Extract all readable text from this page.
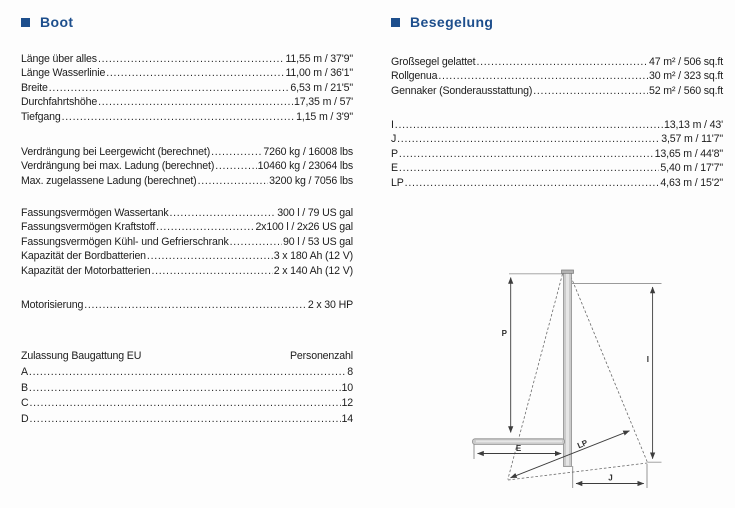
Boot
Länge über alles .....	11,55 m / 37'9"
Länge Wasserlinie .....	11,00 m / 36'1"
Breite .....	6,53 m / 21'5"
Durchfahrtshöhe .....	17,35 m / 57'
Tiefgang .....	1,15 m / 3'9"
Verdrängung bei Leergewicht (berechnet) .....	7260 kg / 16008 lbs
Verdrängung bei max. Ladung (berechnet) .....	10460 kg / 23064 lbs
Max. zugelassene Ladung (berechnet) .....	3200 kg / 7056 lbs
Fassungsvermögen Wassertank .....	300 l / 79 US gal
Fassungsvermögen Kraftstoff .....	2x100 l / 2x26 US gal
Fassungsvermögen Kühl- und Gefrierschrank .....	90 l / 53 US gal
Kapazität der Bordbatterien .....	3 x 180 Ah (12 V)
Kapazität der Motorbatterien .....	2 x 140 Ah (12 V)
Motorisierung .....	2 x 30 HP
Zulassung Baugattung EU	Personenzahl
A .....	8
B .....	10
C .....	12
D .....	14
Besegelung
Großsegel gelattet .....	47 m² / 506 sq.ft
Rollgenua .....	30 m² / 323 sq.ft
Gennaker (Sonderausstattung) .....	52 m² / 560 sq.ft
I .....	13,13 m / 43'
J .....	3,57 m / 11'7"
P .....	13,65 m / 44'8"
E .....	5,40 m / 17'7"
LP .....	4,63 m / 15'2"
P
I
E
J
LP
